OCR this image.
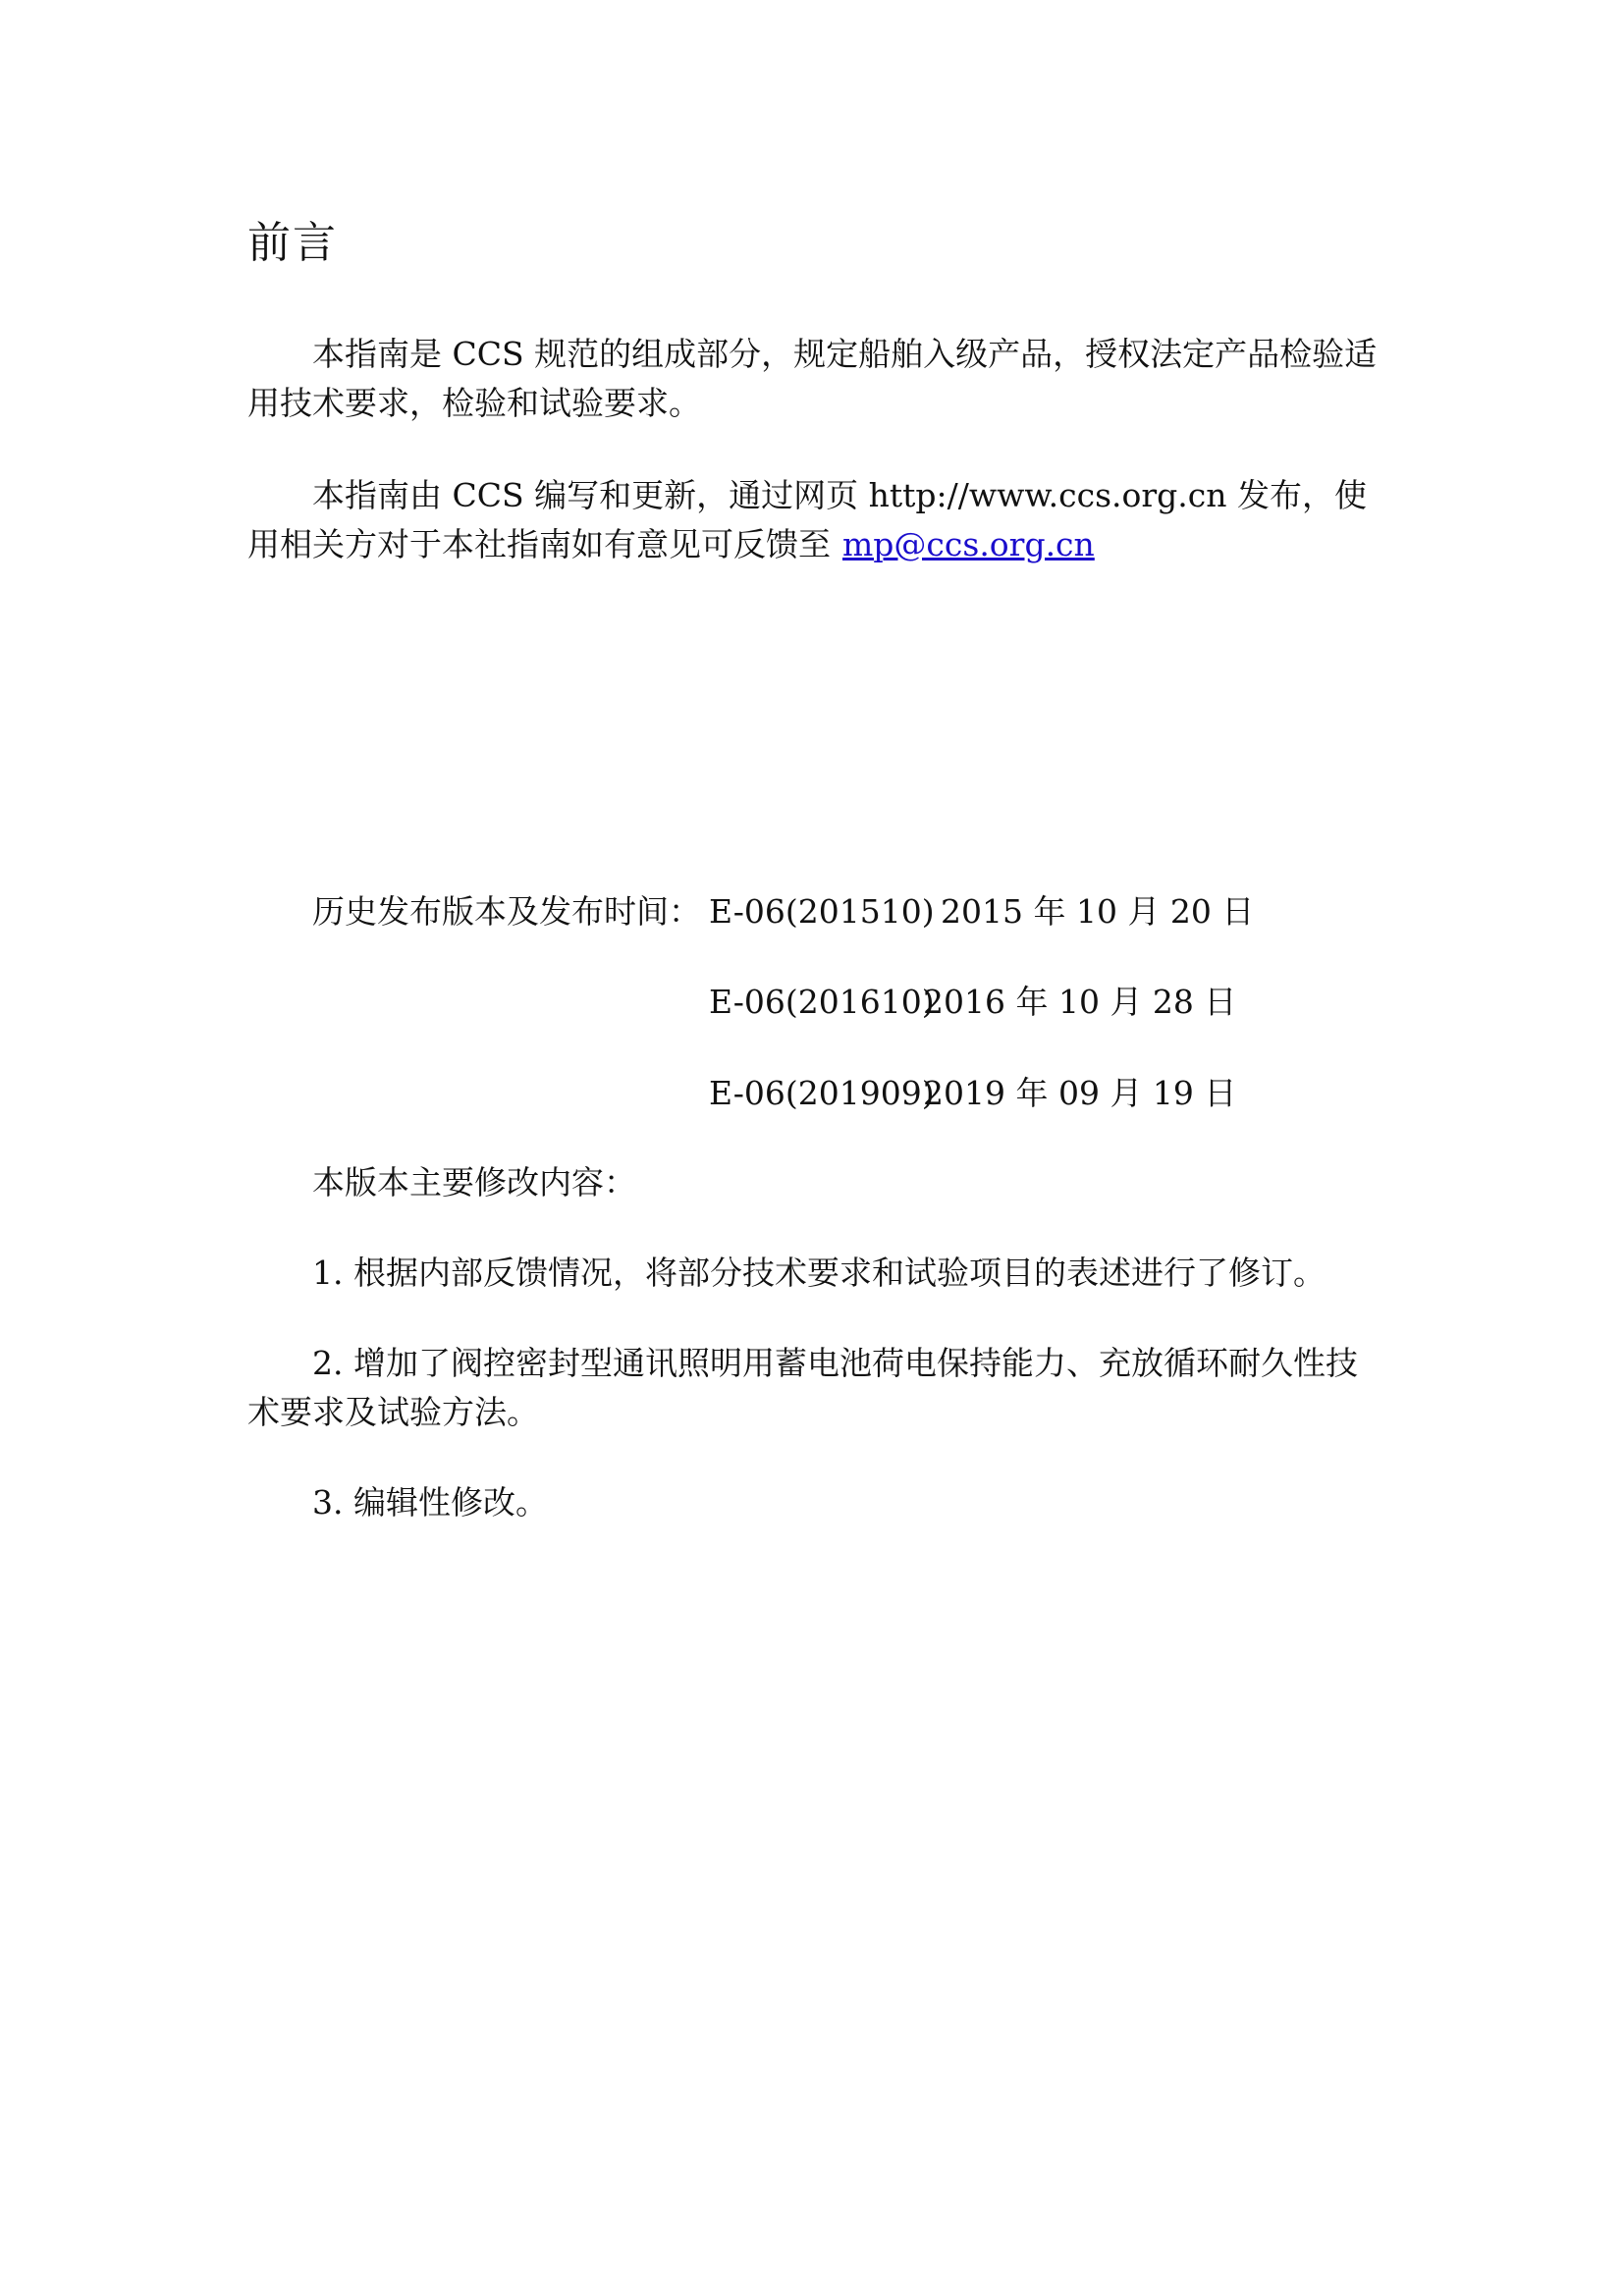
前言

本指南是 CCS 规范的组成部分，规定船舶入级产品，授权法定产品检验适用技术要求，检验和试验要求。

本指南由 CCS 编写和更新，通过网页 http://www.ccs.org.cn 发布，使用相关方对于本社指南如有意见可反馈至 mp@ccs.org.cn

历史发布版本及发布时间： E-06(201510) 2015 年 10 月 20 日
E-06(201610)
2016 年 10 月 28 日
E-06(201909)
2019 年 09 月 19 日
本版本主要修改内容：

1. 根据内部反馈情况，将部分技术要求和试验项目的表述进行了修订。

2. 增加了阀控密封型通讯照明用蓄电池荷电保持能力、充放循环耐久性技术要求及试验方法。

3. 编辑性修改。
